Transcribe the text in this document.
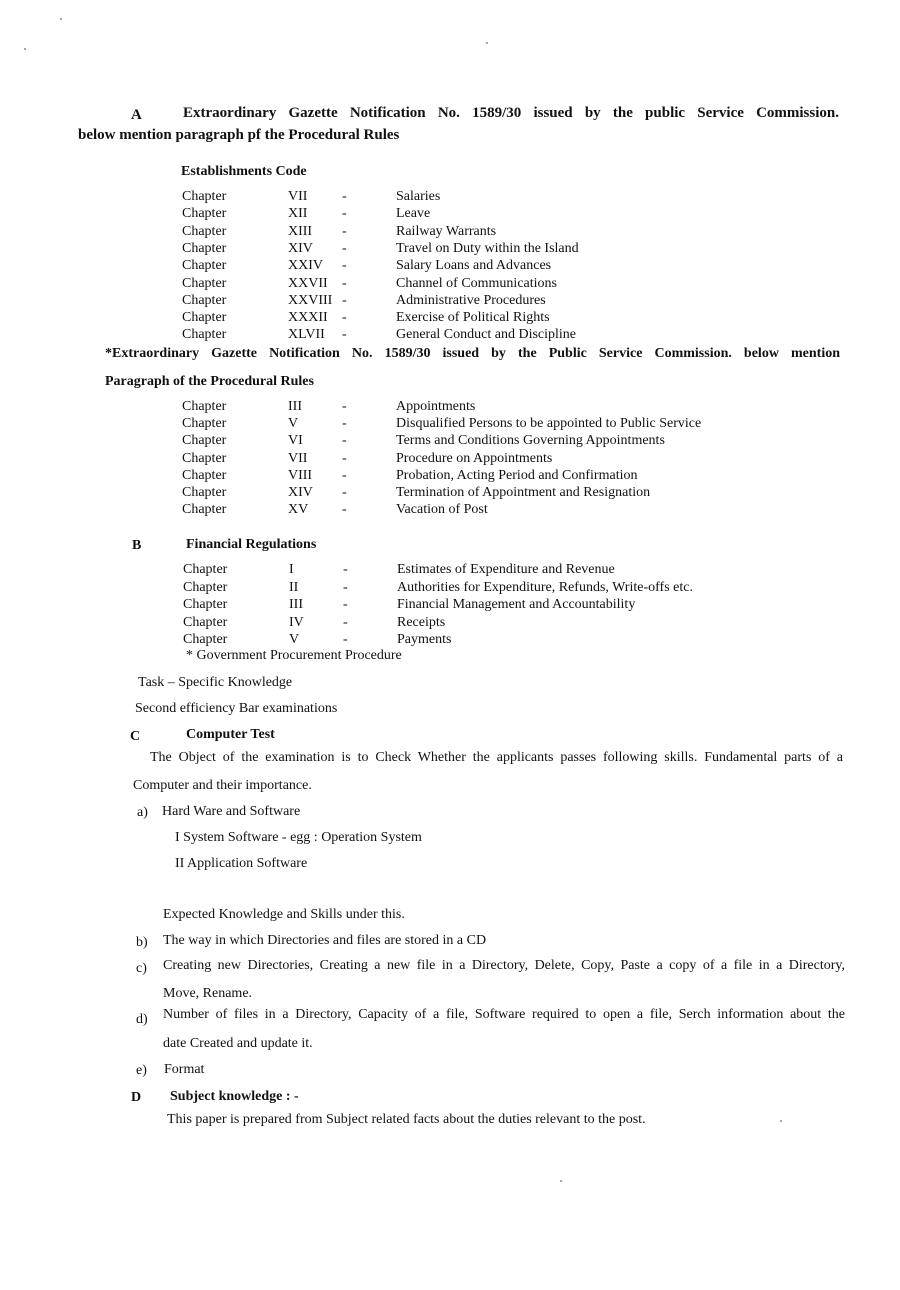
A	Extraordinary Gazette Notification No. 1589/30 issued by the public Service Commission.
below mention paragraph pf the Procedural Rules
Establishments Code
Chapter	VII -	Salaries
Chapter	XII -	Leave
Chapter	XIII -	Railway Warrants
Chapter	XIV -	Travel on Duty within the Island
Chapter	XXIV -	Salary Loans and Advances
Chapter	XXVII -	Channel of Communications
Chapter	XXVIII -	Administrative Procedures
Chapter	XXXII -	Exercise of Political Rights
Chapter	XLVII -	General Conduct and Discipline
*Extraordinary Gazette Notification No. 1589/30 issued by the Public Service Commission. below mention
Paragraph of the Procedural Rules
Chapter	III	-	Appointments
Chapter	V	-	Disqualified Persons to be appointed to Public Service
Chapter	VI	-	Terms and Conditions Governing Appointments
Chapter	VII -	Procedure on Appointments
Chapter	VIII -	Probation, Acting Period and Confirmation
Chapter	XIV -	Termination of Appointment and Resignation
Chapter	XV -	Vacation of Post
B	Financial Regulations
Chapter	I	-	Estimates of Expenditure and Revenue
Chapter	II	-	Authorities for Expenditure, Refunds, Write-offs etc.
Chapter	III	-	Financial Management and Accountability
Chapter	IV	-	Receipts
Chapter	V	-	Payments
* Government Procurement Procedure
Task – Specific Knowledge
Second efficiency Bar examinations
C	Computer Test
The Object of the examination is to Check Whether the applicants passes following skills. Fundamental parts of a
Computer and their importance.
a) Hard Ware and Software
I System Software - egg : Operation System
II Application Software
Expected Knowledge and Skills under this.
b) The way in which Directories and files are stored in a CD
c) Creating new Directories, Creating a new file in a Directory, Delete, Copy, Paste a copy of a file in a Directory,
Move, Rename.
d) Number of files in a Directory, Capacity of a file, Software required to open a file, Serch information about the
date Created and update it.
e) Format
D Subject knowledge : -
This paper is prepared from Subject related facts about the duties relevant to the post.
